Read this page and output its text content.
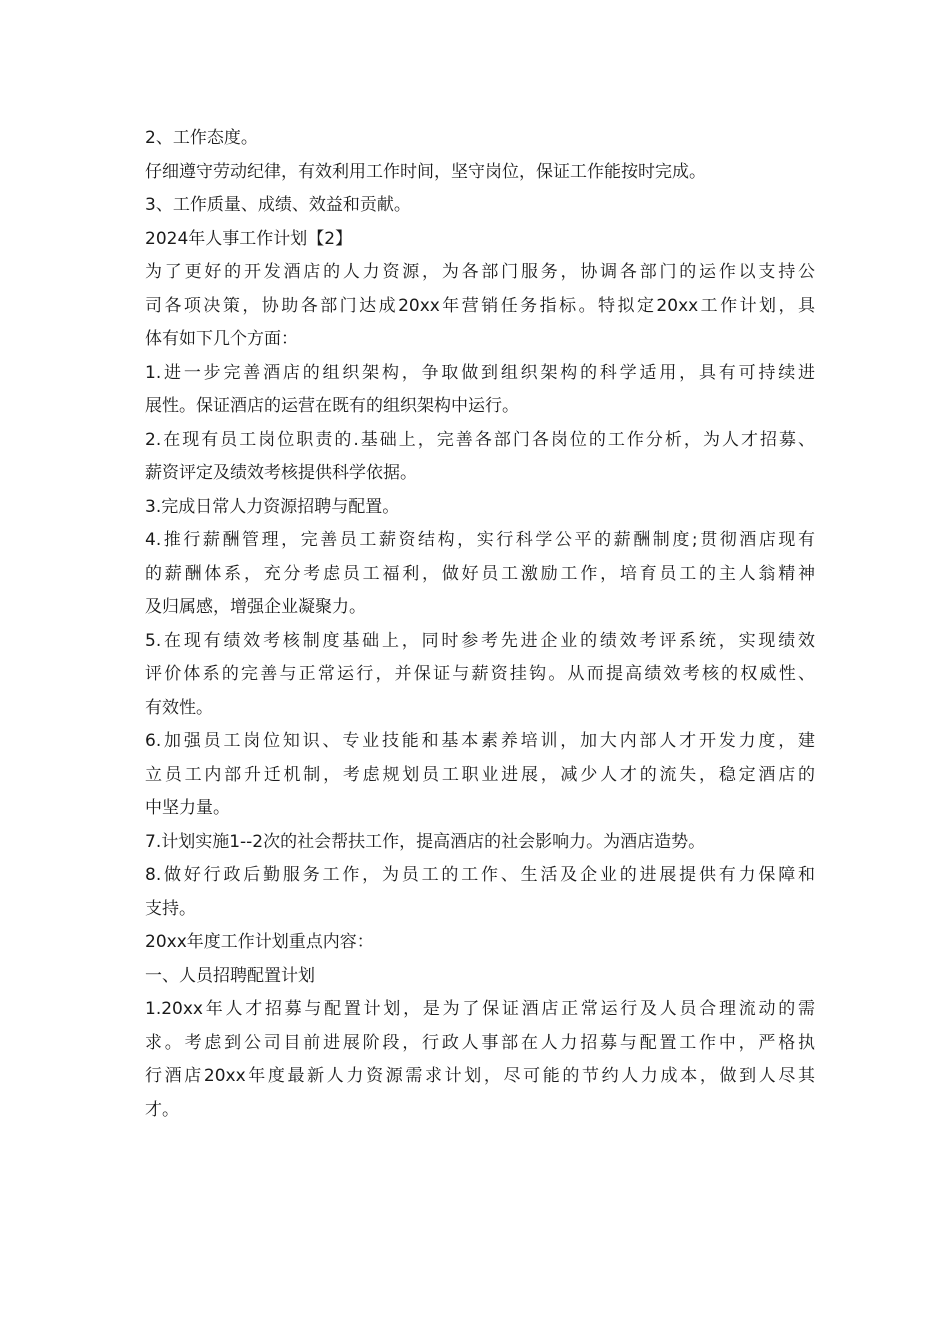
2、工作态度。
仔细遵守劳动纪律，有效利用工作时间，坚守岗位，保证工作能按时完成。
3、工作质量、成绩、效益和贡献。
2024年人事工作计划【2】
为了更好的开发酒店的人力资源，为各部门服务，协调各部门的运作以支持公
司各项决策，协助各部门达成20xx年营销任务指标。特拟定20xx工作计划，具
体有如下几个方面：
1.进一步完善酒店的组织架构，争取做到组织架构的科学适用，具有可持续进
展性。保证酒店的运营在既有的组织架构中运行。
2.在现有员工岗位职责的.基础上，完善各部门各岗位的工作分析，为人才招募、
薪资评定及绩效考核提供科学依据。
3.完成日常人力资源招聘与配置。
4.推行薪酬管理，完善员工薪资结构，实行科学公平的薪酬制度;贯彻酒店现有
的薪酬体系，充分考虑员工福利，做好员工激励工作，培育员工的主人翁精神
及归属感，增强企业凝聚力。
5.在现有绩效考核制度基础上，同时参考先进企业的绩效考评系统，实现绩效
评价体系的完善与正常运行，并保证与薪资挂钩。从而提高绩效考核的权威性、
有效性。
6.加强员工岗位知识、专业技能和基本素养培训，加大内部人才开发力度，建
立员工内部升迁机制，考虑规划员工职业进展，减少人才的流失，稳定酒店的
中坚力量。
7.计划实施1--2次的社会帮扶工作，提高酒店的社会影响力。为酒店造势。
8.做好行政后勤服务工作，为员工的工作、生活及企业的进展提供有力保障和
支持。
20xx年度工作计划重点内容：
一、人员招聘配置计划
1.20xx年人才招募与配置计划，是为了保证酒店正常运行及人员合理流动的需
求。考虑到公司目前进展阶段，行政人事部在人力招募与配置工作中，严格执
行酒店20xx年度最新人力资源需求计划，尽可能的节约人力成本，做到人尽其
才。
